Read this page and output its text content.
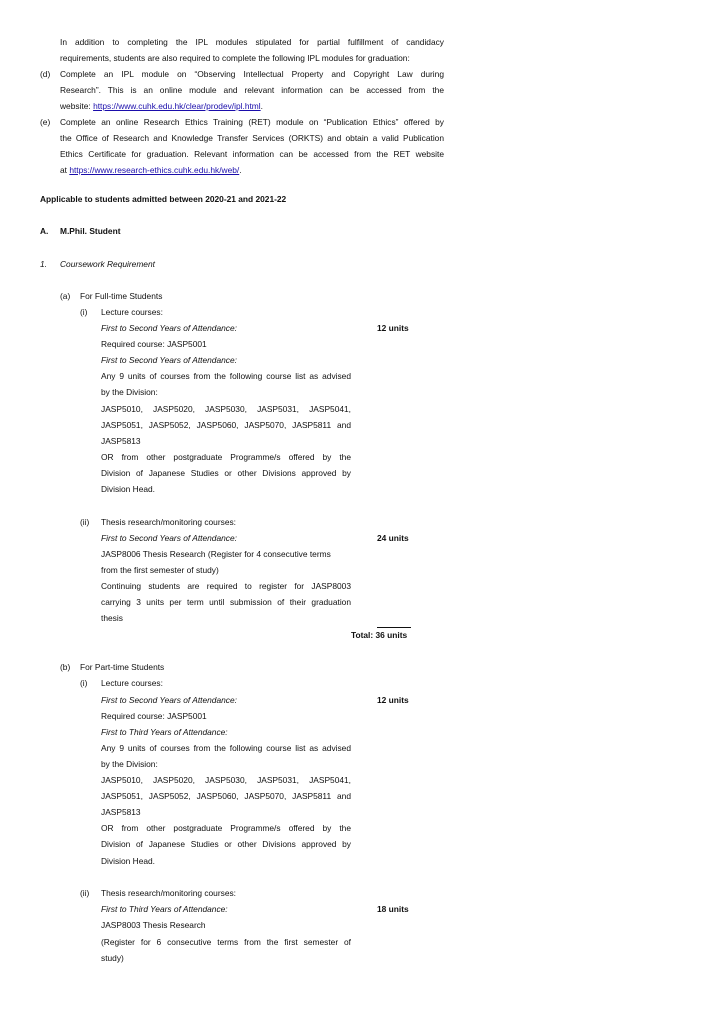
In addition to completing the IPL modules stipulated for partial fulfillment of candidacy
requirements, students are also required to complete the following IPL modules for graduation:
(d) Complete an IPL module on “Observing Intellectual Property and Copyright Law during
Research”. This is an online module and relevant information can be accessed from the
website: https://www.cuhk.edu.hk/clear/prodev/ipl.html.
(e) Complete an online Research Ethics Training (RET) module on “Publication Ethics” offered by
the Office of Research and Knowledge Transfer Services (ORKTS) and obtain a valid Publication
Ethics Certificate for graduation. Relevant information can be accessed from the RET website
at https://www.research-ethics.cuhk.edu.hk/web/.
Applicable to students admitted between 2020-21 and 2021-22
A. M.Phil. Student
1. Coursework Requirement
(a) For Full-time Students
(i) Lecture courses:
First to Second Years of Attendance:	12 units
Required course: JASP5001
First to Second Years of Attendance:
Any 9 units of courses from the following course list as advised
by the Division:
JASP5010, JASP5020, JASP5030, JASP5031, JASP5041,
JASP5051, JASP5052, JASP5060, JASP5070, JASP5811 and
JASP5813
OR from other postgraduate Programme/s offered by the
Division of Japanese Studies or other Divisions approved by
Division Head.
(ii) Thesis research/monitoring courses:
First to Second Years of Attendance:	24 units
JASP8006 Thesis Research (Register for 4 consecutive terms
from the first semester of study)
Continuing students are required to register for JASP8003
carrying 3 units per term until submission of their graduation
thesis
Total: 36 units
(b) For Part-time Students
(i) Lecture courses:
First to Second Years of Attendance:	12 units
Required course: JASP5001
First to Third Years of Attendance:
Any 9 units of courses from the following course list as advised
by the Division:
JASP5010, JASP5020, JASP5030, JASP5031, JASP5041,
JASP5051, JASP5052, JASP5060, JASP5070, JASP5811 and
JASP5813
OR from other postgraduate Programme/s offered by the
Division of Japanese Studies or other Divisions approved by
Division Head.
(ii) Thesis research/monitoring courses:
First to Third Years of Attendance:	18 units
JASP8003 Thesis Research
(Register for 6 consecutive terms from the first semester of
study)
